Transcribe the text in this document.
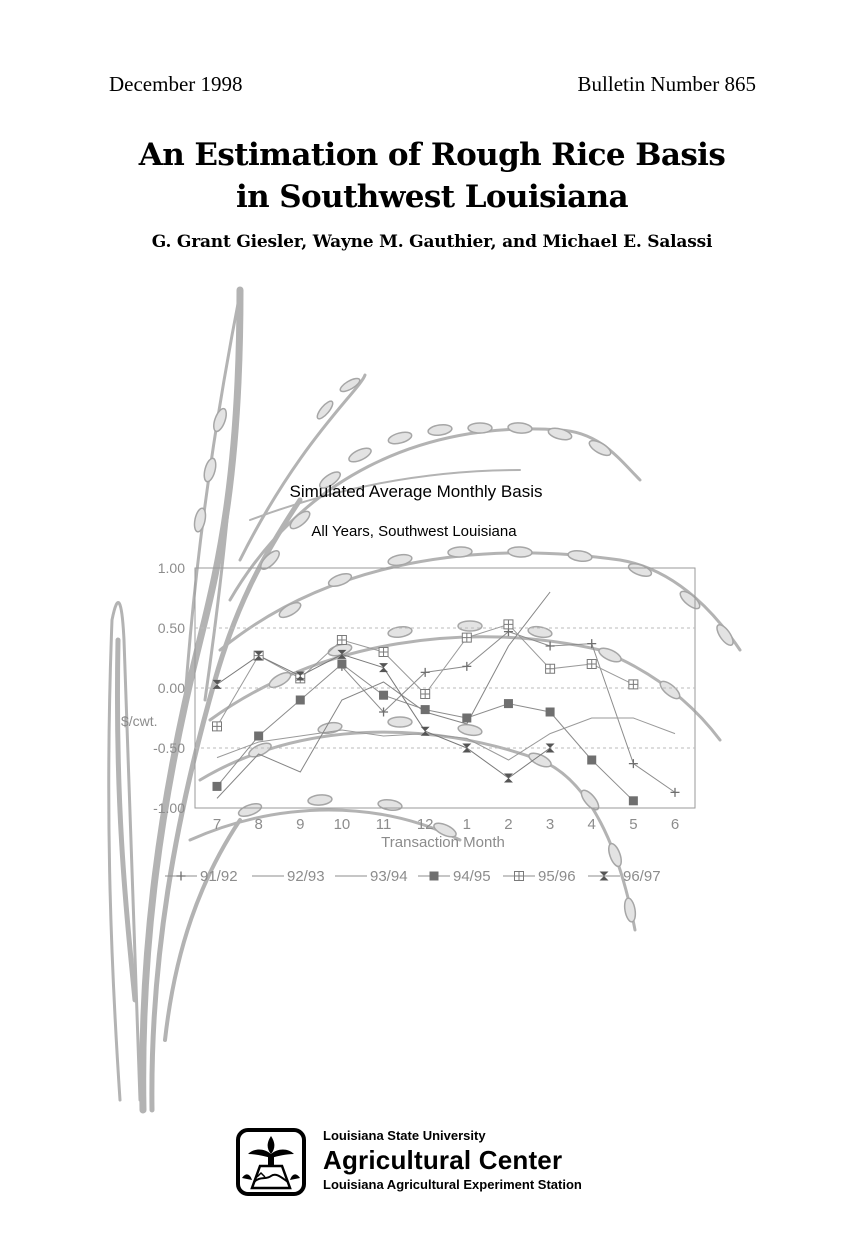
December 1998	Bulletin Number 865
An Estimation of Rough Rice Basis
in Southwest Louisiana
G. Grant Giesler, Wayne M. Gauthier, and Michael E. Salassi
Simulated Average Monthly Basis
All Years, Southwest Louisiana
1.00
0.50
0.00
-0.50
-1.00
7 8 9 10 11 12 1 2 3 4 5 6
$/cwt.
Transaction Month
91/92	92/93	93/94	94/95	95/96	96/97
Louisiana State University
Agricultural Center
Louisiana Agricultural Experiment Station
